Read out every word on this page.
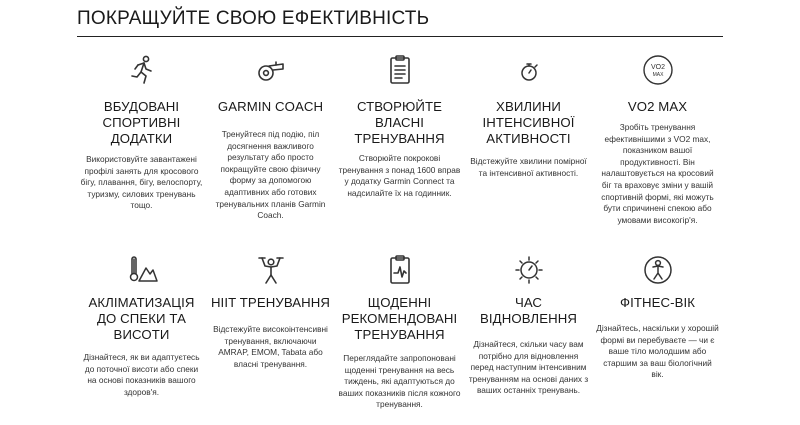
ПОКРАЩУЙТЕ СВОЮ ЕФЕКТИВНІСТЬ
ВБУДОВАНІ СПОРТИВНІ ДОДАТКИ

Використовуйте завантажені профілі занять для кросового бігу, плавання, бігу, велоспорту, туризму, силових тренувань тощо.

GARMIN COACH

Тренуйтеся під подію, піл досягнення важливого результату або просто покращуйте свою фізичну форму за допомогою адаптивних або готових тренувальних планів Garmin Coach.

СТВОРЮЙТЕ ВЛАСНІ ТРЕНУВАННЯ

Створюйте покрокові тренування з понад 1600 вправ у додатку Garmin Connect та надсилайте їх на годинник.

ХВИЛИНИ ІНТЕНСИВНОЇ АКТИВНОСТІ

Відстежуйте хвилини помірної та інтенсивної активності.

VO2
MAX
VO2 MAX

Зробіть тренування ефективнішими з VO2 max, показником вашої продуктивності. Він налаштовується на кросовий біг та враховує зміни у вашій спортивній формі, які можуть бути спричинені спекою або умовами високогір'я.

АКЛІМАТИЗАЦІЯ ДО СПЕКИ ТА ВИСОТИ

Дізнайтеся, як ви адаптуєтесь до поточної висоти або спеки на основі показників вашого здоров'я.

HIIT ТРЕНУВАННЯ

Відстежуйте високоінтенсивні тренування, включаючи AMRAP, EMOM, Tabata або власні тренування.

ЩОДЕННІ РЕКОМЕНДОВАНІ ТРЕНУВАННЯ

Переглядайте запропоновані щоденні тренування на весь тиждень, які адаптуються до ваших показників після кожного тренування.

ЧАС ВІДНОВЛЕННЯ

Дізнайтеся, скільки часу вам потрібно для відновлення перед наступним інтенсивним тренуванням на основі даних з ваших останніх тренувань.

ФІТНЕС-ВІК

Дізнайтесь, наскільки у хорошій формі ви перебуваєте — чи є ваше тіло молодшим або старшим за ваш біологічний вік.
